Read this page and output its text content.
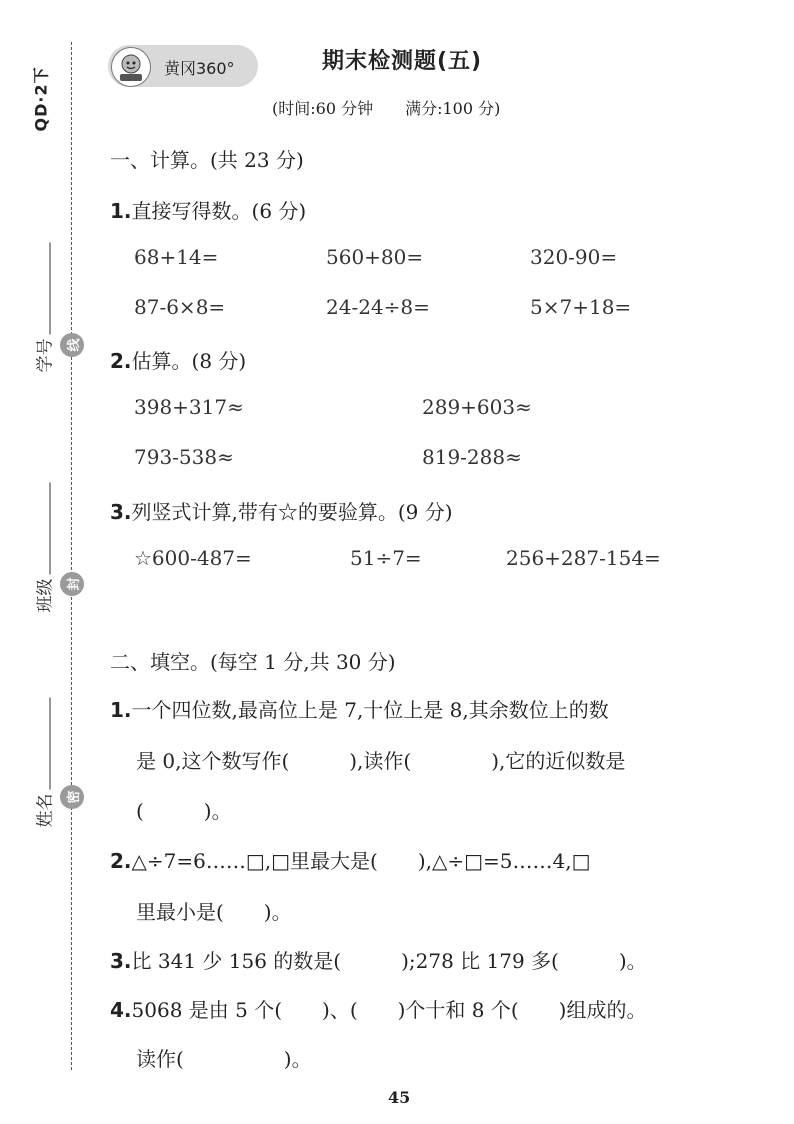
QD·2下
学号
班级
姓名
线
封
密
黄冈360°	期末检测题(五)
(时间:60 分钟　　满分:100 分)
一、计算。(共 23 分)
1.直接写得数。(6 分)
68+14=	560+80=	320-90=
87-6×8=	24-24÷8=	5×7+18=
2.估算。(8 分)
398+317≈	289+603≈
793-538≈	819-288≈
3.列竖式计算,带有☆的要验算。(9 分)
☆600-487=	51÷7=	256+287-154=
二、填空。(每空 1 分,共 30 分)
1.一个四位数,最高位上是 7,十位上是 8,其余数位上的数
是 0,这个数写作(　　　),读作(　　　　),它的近似数是
(　　　)。
2.△÷7=6……□,□里最大是(　　),△÷□=5……4,□
里最小是(　　)。
3.比 341 少 156 的数是(　　　);278 比 179 多(　　　)。
4.5068 是由 5 个(　　)、(　　)个十和 8 个(　　)组成的。
读作(　　　　　)。
45
